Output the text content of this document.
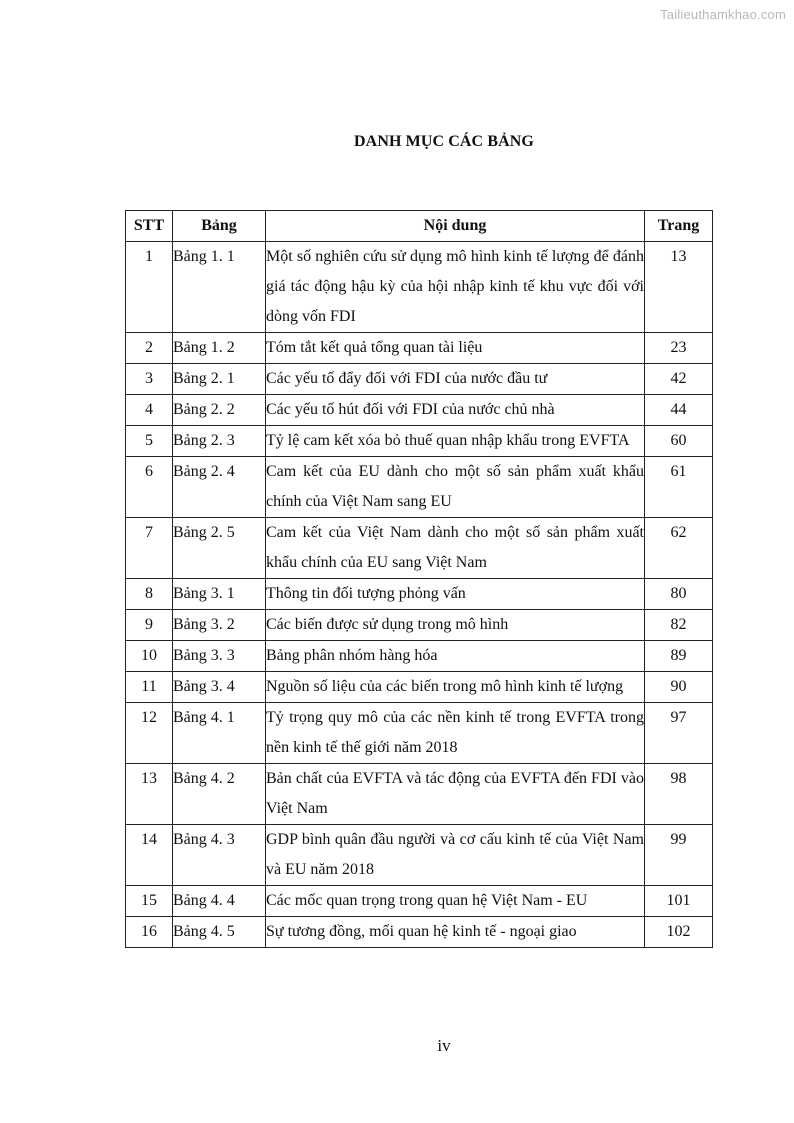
Tailieuthamkhao.com
DANH MỤC CÁC BẢNG
STT	Bảng	Nội dung	Trang
1	Bảng 1. 1	Một số nghiên cứu sử dụng mô hình kinh tế lượng để đánh giá tác động hậu kỳ của hội nhập kinh tế khu vực đối với dòng vốn FDI	13
2	Bảng 1. 2	Tóm tắt kết quả tổng quan tài liệu	23
3	Bảng 2. 1	Các yếu tố đẩy đối với FDI của nước đầu tư	42
4	Bảng 2. 2	Các yếu tố hút đối với FDI của nước chủ nhà	44
5	Bảng 2. 3	Tỷ lệ cam kết xóa bỏ thuế quan nhập khẩu trong EVFTA	60
6	Bảng 2. 4	Cam kết của EU dành cho một số sản phẩm xuất khẩu chính của Việt Nam sang EU	61
7	Bảng 2. 5	Cam kết của Việt Nam dành cho một số sản phẩm xuất khẩu chính của EU sang Việt Nam	62
8	Bảng 3. 1	Thông tin đối tượng phỏng vấn	80
9	Bảng 3. 2	Các biến được sử dụng trong mô hình	82
10	Bảng 3. 3	Bảng phân nhóm hàng hóa	89
11	Bảng 3. 4	Nguồn số liệu của các biến trong mô hình kinh tế lượng	90
12	Bảng 4. 1	Tỷ trọng quy mô của các nền kinh tế trong EVFTA trong nền kinh tế thế giới năm 2018	97
13	Bảng 4. 2	Bản chất của EVFTA và tác động của EVFTA đến FDI vào Việt Nam	98
14	Bảng 4. 3	GDP bình quân đầu người và cơ cấu kinh tế của Việt Nam và EU năm 2018	99
15	Bảng 4. 4	Các mốc quan trọng trong quan hệ Việt Nam - EU	101
16	Bảng 4. 5	Sự tương đồng, mối quan hệ kinh tế - ngoại giao	102
iv
